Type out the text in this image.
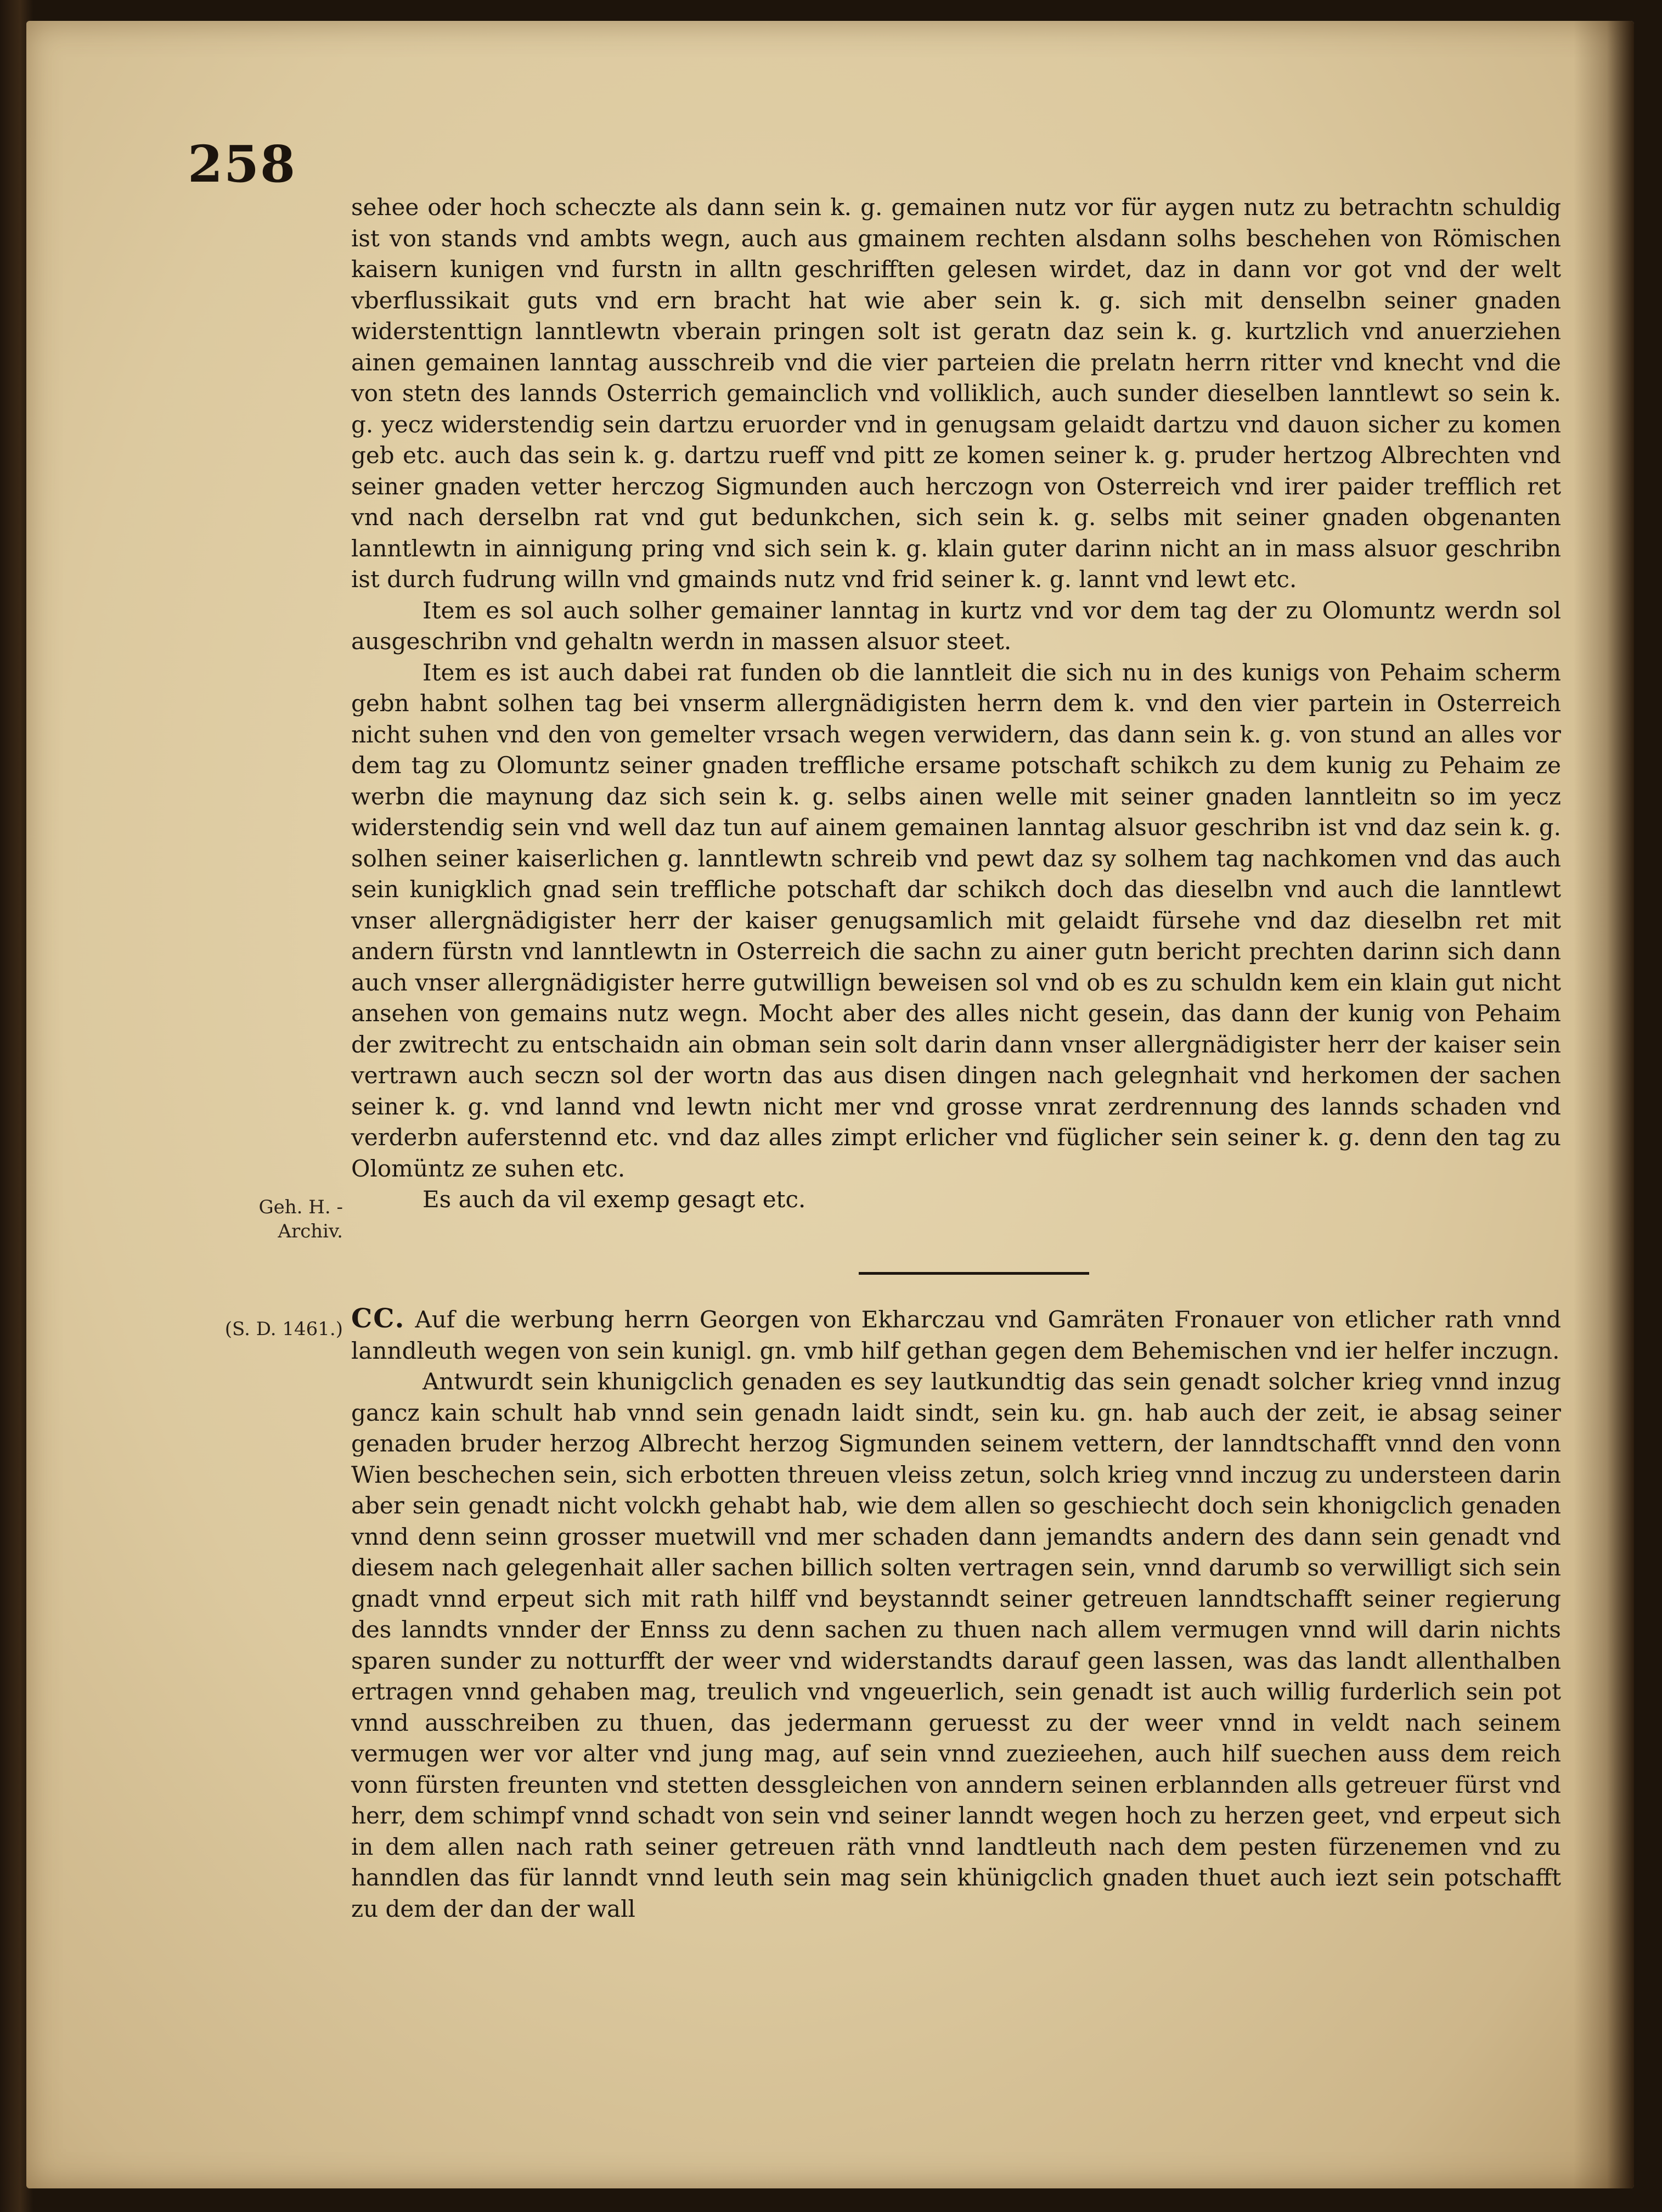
258

sehee oder hoch scheczte als dann sein k. g. gemainen nutz vor für aygen nutz zu betrachtn schuldig ist von stands vnd ambts wegn, auch aus gmainem rechten alsdann solhs beschehen von Römischen kaisern kunigen vnd furstn in alltn geschrifften gelesen wirdet, daz in dann vor got vnd der welt vberflussikait guts vnd ern bracht hat wie aber sein k. g. sich mit denselbn seiner gnaden widerstenttign lanntlewtn vberain pringen solt ist geratn daz sein k. g. kurtzlich vnd anuerziehen ainen gemainen lanntag ausschreib vnd die vier parteien die prelatn herrn ritter vnd knecht vnd die von stetn des lannds Osterrich gemainclich vnd volliklich, auch sunder dieselben lanntlewt so sein k. g. yecz widerstendig sein dartzu eruorder vnd in genugsam gelaidt dartzu vnd dauon sicher zu komen geb etc. auch das sein k. g. dartzu rueff vnd pitt ze komen seiner k. g. pruder hertzog Albrechten vnd seiner gnaden vetter herczog Sigmunden auch herczogn von Osterreich vnd irer paider trefflich ret vnd nach derselbn rat vnd gut bedunkchen, sich sein k. g. selbs mit seiner gnaden obgenanten lanntlewtn in ainnigung pring vnd sich sein k. g. klain guter darinn nicht an in mass alsuor geschribn ist durch fudrung willn vnd gmainds nutz vnd frid seiner k. g. lannt vnd lewt etc.

Item es sol auch solher gemainer lanntag in kurtz vnd vor dem tag der zu Olomuntz werdn sol ausgeschribn vnd gehaltn werdn in massen alsuor steet.

Item es ist auch dabei rat funden ob die lanntleit die sich nu in des kunigs von Pehaim scherm gebn habnt solhen tag bei vnserm allergnädigisten herrn dem k. vnd den vier partein in Osterreich nicht suhen vnd den von gemelter vrsach wegen verwidern, das dann sein k. g. von stund an alles vor dem tag zu Olomuntz seiner gnaden treffliche ersame potschaft schikch zu dem kunig zu Pehaim ze werbn die maynung daz sich sein k. g. selbs ainen welle mit seiner gnaden lanntleitn so im yecz widerstendig sein vnd well daz tun auf ainem gemainen lanntag alsuor geschribn ist vnd daz sein k. g. solhen seiner kaiserlichen g. lanntlewtn schreib vnd pewt daz sy solhem tag nachkomen vnd das auch sein kunigklich gnad sein treffliche potschaft dar schikch doch das dieselbn vnd auch die lanntlewt vnser allergnädigister herr der kaiser genugsamlich mit gelaidt fürsehe vnd daz dieselbn ret mit andern fürstn vnd lanntlewtn in Osterreich die sachn zu ainer gutn bericht prechten darinn sich dann auch vnser allergnädigister herre gutwillign beweisen sol vnd ob es zu schuldn kem ein klain gut nicht ansehen von gemains nutz wegn. Mocht aber des alles nicht gesein, das dann der kunig von Pehaim der zwitrecht zu entschaidn ain obman sein solt darin dann vnser allergnädigister herr der kaiser sein vertrawn auch seczn sol der wortn das aus disen dingen nach gelegnhait vnd herkomen der sachen seiner k. g. vnd lannd vnd lewtn nicht mer vnd grosse vnrat zerdrennung des lannds schaden vnd verderbn auferstennd etc. vnd daz alles zimpt erlicher vnd füglicher sein seiner k. g. denn den tag zu Olomüntz ze suhen etc.

Es auch da vil exemp gesagt etc.

Geh. H. - Archiv.
(S. D. 1461.) CC. Auf die werbung herrn Georgen von Ekharczau vnd Gamräten Fronauer von etlicher rath vnnd lanndleuth wegen von sein kunigl. gn. vmb hilf gethan gegen dem Behemischen vnd ier helfer inczugn.

Antwurdt sein khunigclich genaden es sey lautkundtig das sein genadt solcher krieg vnnd inzug gancz kain schult hab vnnd sein genadn laidt sindt, sein ku. gn. hab auch der zeit, ie absag seiner genaden bruder herzog Albrecht herzog Sigmunden seinem vettern, der lanndtschafft vnnd den vonn Wien beschechen sein, sich erbotten threuen vleiss zetun, solch krieg vnnd inczug zu understeen darin aber sein genadt nicht volckh gehabt hab, wie dem allen so geschiecht doch sein khonigclich genaden vnnd denn seinn grosser muetwill vnd mer schaden dann jemandts andern des dann sein genadt vnd diesem nach gelegenhait aller sachen billich solten vertragen sein, vnnd darumb so verwilligt sich sein gnadt vnnd erpeut sich mit rath hilff vnd beystanndt seiner getreuen lanndtschafft seiner regierung des lanndts vnnder der Ennss zu denn sachen zu thuen nach allem vermugen vnnd will darin nichts sparen sunder zu notturfft der weer vnd widerstandts darauf geen lassen, was das landt allenthalben ertragen vnnd gehaben mag, treulich vnd vngeuerlich, sein genadt ist auch willig furderlich sein pot vnnd ausschreiben zu thuen, das jedermann geruesst zu der weer vnnd in veldt nach seinem vermugen wer vor alter vnd jung mag, auf sein vnnd zuezieehen, auch hilf suechen auss dem reich vonn fürsten freunten vnd stetten dessgleichen von anndern seinen erblannden alls getreuer fürst vnd herr, dem schimpf vnnd schadt von sein vnd seiner lanndt wegen hoch zu herzen geet, vnd erpeut sich in dem allen nach rath seiner getreuen räth vnnd landtleuth nach dem pesten fürzenemen vnd zu hanndlen das für lanndt vnnd leuth sein mag sein khünigclich gnaden thuet auch iezt sein potschafft zu dem der dan der wall
